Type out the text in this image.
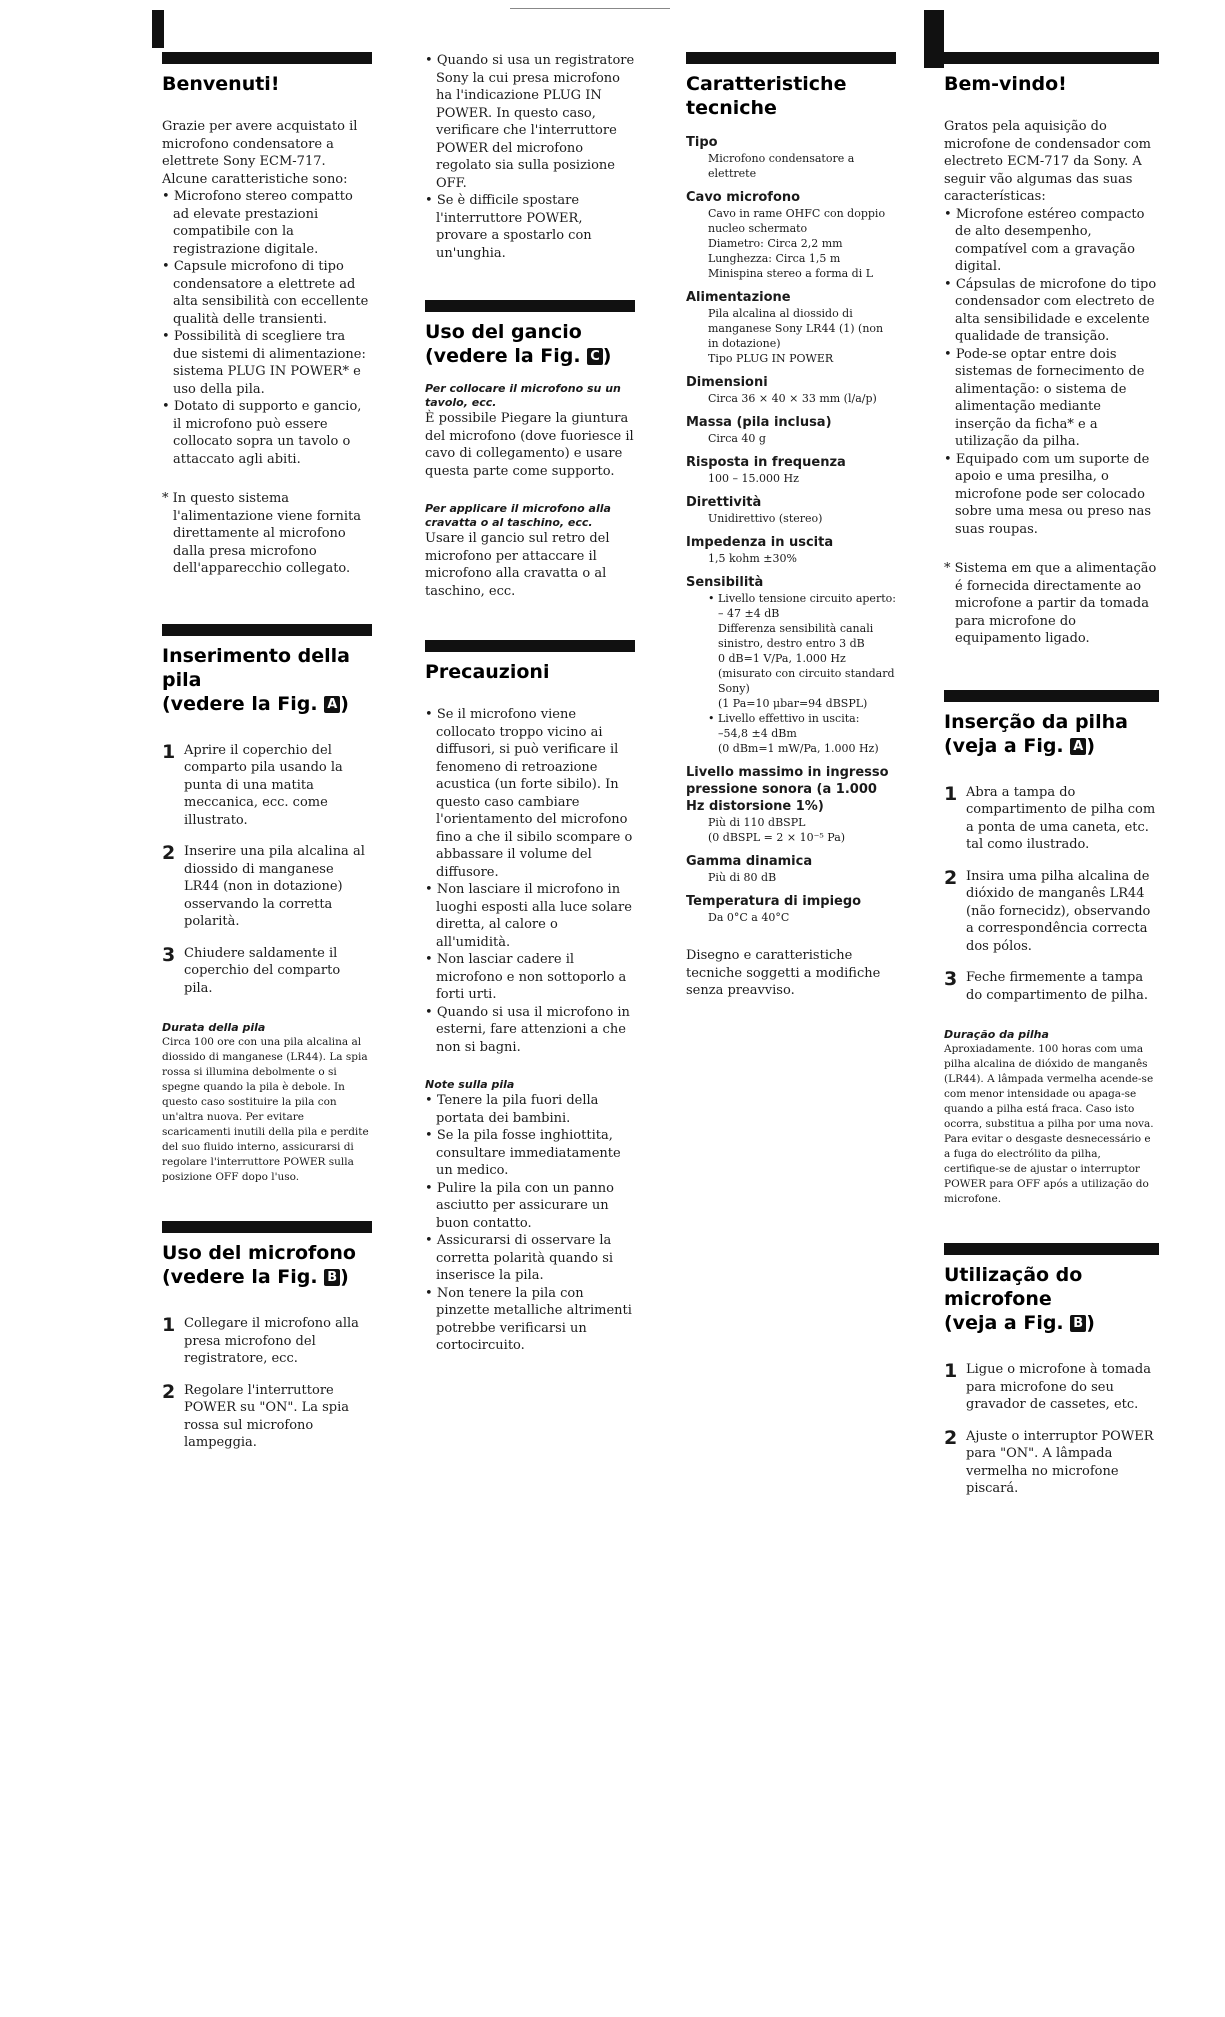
Benvenuti!

Grazie per avere acquistato il microfono condensatore a elettrete Sony ECM-717. Alcune caratteristiche sono:

• Microfono stereo compatto ad elevate prestazioni compatibile con la registrazione digitale.

• Capsule microfono di tipo condensatore a elettrete ad alta sensibilità con eccellente qualità delle transienti.

• Possibilità di scegliere tra due sistemi di alimentazione: sistema PLUG IN POWER* e uso della pila.

• Dotato di supporto e gancio, il microfono può essere collocato sopra un tavolo o attaccato agli abiti.

* In questo sistema l'alimentazione viene fornita direttamente al microfono dalla presa microfono dell'apparecchio collegato.

Inserimento della pila
(vedere la Fig. A )
1 Aprire il coperchio del comparto pila usando la punta di una matita meccanica, ecc. come illustrato.
2 Inserire una pila alcalina al diossido di manganese LR44 (non in dotazione) osservando la corretta polarità.
3 Chiudere saldamente il coperchio del comparto pila.

Durata della pila

Circa 100 ore con una pila alcalina al diossido di manganese (LR44). La spia rossa si illumina debolmente o si spegne quando la pila è debole. In questo caso sostituire la pila con un'altra nuova. Per evitare scaricamenti inutili della pila e perdite del suo fluido interno, assicurarsi di regolare l'interruttore POWER sulla posizione OFF dopo l'uso.

Uso del microfono
(vedere la Fig. B )
1 Collegare il microfono alla presa microfono del registratore, ecc.
2 Regolare l'interruttore POWER su "ON". La spia rossa sul microfono lampeggia.

• Quando si usa un registratore Sony la cui presa microfono ha l'indicazione PLUG IN POWER. In questo caso, verificare che l'interruttore POWER del microfono regolato sia sulla posizione OFF.

• Se è difficile spostare l'interruttore POWER, provare a spostarlo con un'unghia.

Uso del gancio
(vedere la Fig. C )

Per collocare il microfono su un tavolo, ecc.

È possibile Piegare la giuntura del microfono (dove fuoriesce il cavo di collegamento) e usare questa parte come supporto.

Per applicare il microfono alla cravatta o al taschino, ecc.

Usare il gancio sul retro del microfono per attaccare il microfono alla cravatta o al taschino, ecc.

Precauzioni

• Se il microfono viene collocato troppo vicino ai diffusori, si può verificare il fenomeno di retroazione acustica (un forte sibilo). In questo caso cambiare l'orientamento del microfono fino a che il sibilo scompare o abbassare il volume del diffusore.

• Non lasciare il microfono in luoghi esposti alla luce solare diretta, al calore o all'umidità.

• Non lasciar cadere il microfono e non sottoporlo a forti urti.

• Quando si usa il microfono in esterni, fare attenzioni a che non si bagni.

Note sulla pila

• Tenere la pila fuori della portata dei bambini.

• Se la pila fosse inghiottita, consultare immediatamente un medico.

• Pulire la pila con un panno asciutto per assicurare un buon contatto.

• Assicurarsi di osservare la corretta polarità quando si inserisce la pila.

• Non tenere la pila con pinzette metalliche altrimenti potrebbe verificarsi un cortocircuito.

Caratteristiche tecniche

Tipo

Microfono condensatore a elettrete

Cavo microfono

Cavo in rame OHFC con doppio nucleo schermato

Diametro: Circa 2,2 mm

Lunghezza: Circa 1,5 m

Minispina stereo a forma di L

Alimentazione

Pila alcalina al diossido di manganese Sony LR44 (1) (non in dotazione)

Tipo PLUG IN POWER

Dimensioni

Circa 36 × 40 × 33 mm (l/a/p)

Massa (pila inclusa)

Circa 40 g

Risposta in frequenza

100 – 15.000 Hz

Direttività

Unidirettivo (stereo)

Impedenza in uscita

1,5 kohm ±30%

Sensibilità

• Livello tensione circuito aperto:

– 47 ±4 dB

Differenza sensibilità canali sinistro, destro entro 3 dB

0 dB=1 V/Pa, 1.000 Hz

(misurato con circuito standard Sony)

(1 Pa=10 μbar=94 dBSPL)

• Livello effettivo in uscita:

–54,8 ±4 dBm

(0 dBm=1 mW/Pa, 1.000 Hz)

Livello massimo in ingresso pressione sonora (a 1.000 Hz distorsione 1%)

Più di 110 dBSPL

(0 dBSPL = 2 × 10⁻⁵ Pa)

Gamma dinamica

Più di 80 dB

Temperatura di impiego

Da 0°C a 40°C

Disegno e caratteristiche tecniche soggetti a modifiche senza preavviso.

Bem-vindo!

Gratos pela aquisição do microfone de condensador com electreto ECM-717 da Sony. A seguir vão algumas das suas características:

• Microfone estéreo compacto de alto desempenho, compatível com a gravação digital.

• Cápsulas de microfone do tipo condensador com electreto de alta sensibilidade e excelente qualidade de transição.

• Pode-se optar entre dois sistemas de fornecimento de alimentação: o sistema de alimentação mediante inserção da ficha* e a utilização da pilha.

• Equipado com um suporte de apoio e uma presilha, o microfone pode ser colocado sobre uma mesa ou preso nas suas roupas.

* Sistema em que a alimentação é fornecida directamente ao microfone a partir da tomada para microfone do equipamento ligado.

Inserção da pilha
(veja a Fig. A )
1 Abra a tampa do compartimento de pilha com a ponta de uma caneta, etc. tal como ilustrado.
2 Insira uma pilha alcalina de dióxido de manganês LR44 (não fornecidz), observando a correspondência correcta dos pólos.
3 Feche firmemente a tampa do compartimento de pilha.

Duração da pilha

Aproxiadamente. 100 horas com uma pilha alcalina de dióxido de manganês (LR44). A lâmpada vermelha acende-se com menor intensidade ou apaga-se quando a pilha está fraca. Caso isto ocorra, substitua a pilha por uma nova. Para evitar o desgaste desnecessário e a fuga do electrólito da pilha, certifique-se de ajustar o interruptor POWER para OFF após a utilização do microfone.

Utilização do microfone
(veja a Fig. B )
1 Ligue o microfone à tomada para microfone do seu gravador de cassetes, etc.
2 Ajuste o interruptor POWER para "ON". A lâmpada vermelha no microfone piscará.
